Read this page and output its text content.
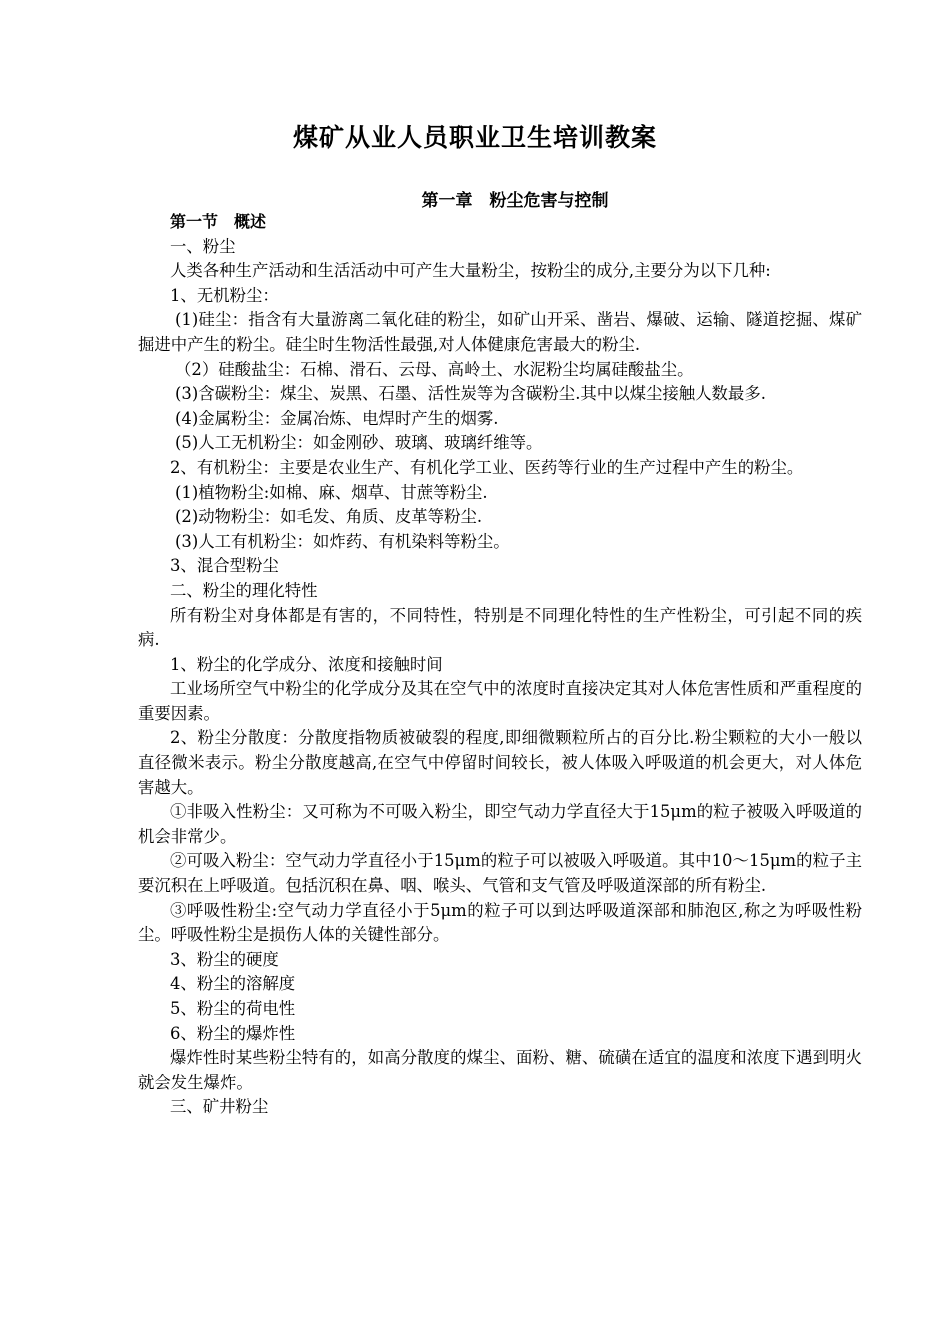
煤矿从业人员职业卫生培训教案
第一章　粉尘危害与控制

第一节　概述

一、粉尘

人类各种生产活动和生活活动中可产生大量粉尘，按粉尘的成分,主要分为以下几种:

1、无机粉尘：

(1)硅尘：指含有大量游离二氧化硅的粉尘，如矿山开采、凿岩、爆破、运输、隧道挖掘、煤矿掘进中产生的粉尘。硅尘时生物活性最强,对人体健康危害最大的粉尘.

（2）硅酸盐尘：石棉、滑石、云母、高岭土、水泥粉尘均属硅酸盐尘。

(3)含碳粉尘：煤尘、炭黑、石墨、活性炭等为含碳粉尘.其中以煤尘接触人数最多.

(4)金属粉尘：金属冶炼、电焊时产生的烟雾.

(5)人工无机粉尘：如金刚砂、玻璃、玻璃纤维等。

2、有机粉尘：主要是农业生产、有机化学工业、医药等行业的生产过程中产生的粉尘。

(1)植物粉尘:如棉、麻、烟草、甘蔗等粉尘.

(2)动物粉尘：如毛发、角质、皮革等粉尘.

(3)人工有机粉尘：如炸药、有机染料等粉尘。

3、混合型粉尘

二、粉尘的理化特性

所有粉尘对身体都是有害的，不同特性，特别是不同理化特性的生产性粉尘，可引起不同的疾病.

1、粉尘的化学成分、浓度和接触时间

工业场所空气中粉尘的化学成分及其在空气中的浓度时直接决定其对人体危害性质和严重程度的重要因素。

2、粉尘分散度：分散度指物质被破裂的程度,即细微颗粒所占的百分比.粉尘颗粒的大小一般以直径微米表示。粉尘分散度越高,在空气中停留时间较长，被人体吸入呼吸道的机会更大，对人体危害越大。

①非吸入性粉尘：又可称为不可吸入粉尘，即空气动力学直径大于15μm的粒子被吸入呼吸道的机会非常少。

②可吸入粉尘：空气动力学直径小于15μm的粒子可以被吸入呼吸道。其中10～15μm的粒子主要沉积在上呼吸道。包括沉积在鼻、咽、喉头、气管和支气管及呼吸道深部的所有粉尘.

③呼吸性粉尘:空气动力学直径小于5μm的粒子可以到达呼吸道深部和肺泡区,称之为呼吸性粉尘。呼吸性粉尘是损伤人体的关键性部分。

3、粉尘的硬度

4、粉尘的溶解度

5、粉尘的荷电性

6、粉尘的爆炸性

爆炸性时某些粉尘特有的，如高分散度的煤尘、面粉、糖、硫磺在适宜的温度和浓度下遇到明火就会发生爆炸。

三、矿井粉尘
